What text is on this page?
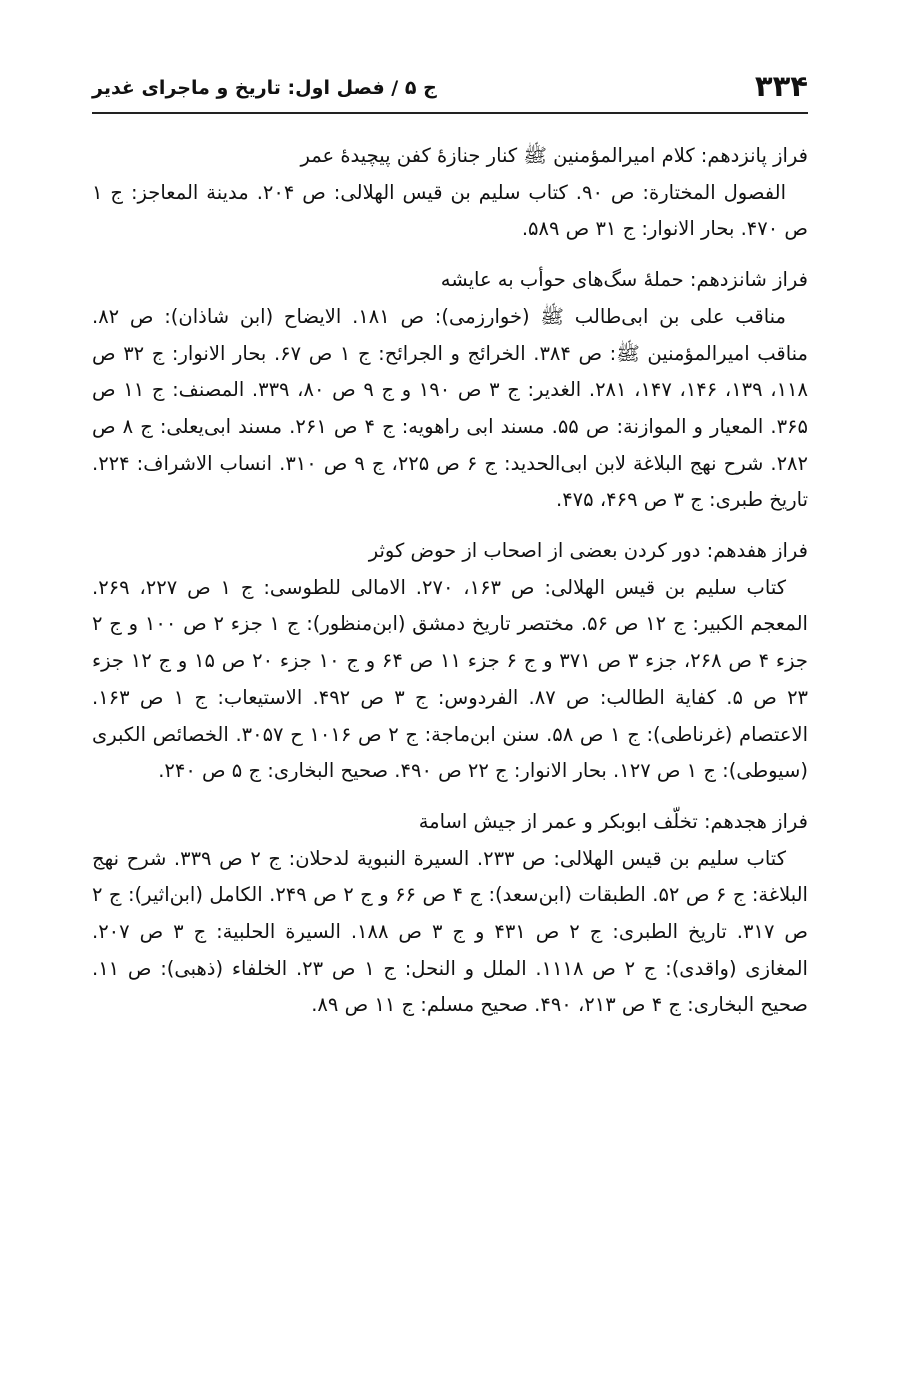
۳۳۴
ج ۵ / فصل اول: تاریخ و ماجرای غدیر

فراز پانزدهم: کلام امیرالمؤمنین ﷺ کنار جنازۀ کفن پیچیدۀ عمر

الفصول المختارة: ص ۹۰. کتاب سلیم بن قیس الهلالی: ص ۲۰۴. مدینة المعاجز: ج ۱ ص ۴۷۰. بحار الانوار: ج ۳۱ ص ۵۸۹.

فراز شانزدهم: حملۀ سگ‌های حوأب به عایشه

مناقب علی بن ابی‌طالب ﷺ (خوارزمی): ص ۱۸۱. الایضاح (ابن شاذان): ص ۸۲. مناقب امیرالمؤمنین ﷺ: ص ۳۸۴. الخرائج و الجرائح: ج ۱ ص ۶۷. بحار الانوار: ج ۳۲ ص ۱۱۸، ۱۳۹، ۱۴۶، ۱۴۷، ۲۸۱. الغدیر: ج ۳ ص ۱۹۰ و ج ۹ ص ۸۰، ۳۳۹. المصنف: ج ۱۱ ص ۳۶۵. المعیار و الموازنة: ص ۵۵. مسند ابی راهویه: ج ۴ ص ۲۶۱. مسند ابی‌یعلی: ج ۸ ص ۲۸۲. شرح نهج البلاغة لابن ابی‌الحدید: ج ۶ ص ۲۲۵، ج ۹ ص ۳۱۰. انساب الاشراف: ۲۲۴. تاریخ طبری: ج ۳ ص ۴۶۹، ۴۷۵.

فراز هفدهم: دور کردن بعضی از اصحاب از حوض کوثر

کتاب سلیم بن قیس الهلالی: ص ۱۶۳، ۲۷۰. الامالی للطوسی: ج ۱ ص ۲۲۷، ۲۶۹. المعجم الکبیر: ج ۱۲ ص ۵۶. مختصر تاریخ دمشق (ابن‌منظور): ج ۱ جزء ۲ ص ۱۰۰ و ج ۲ جزء ۴ ص ۲۶۸، جزء ۳ ص ۳۷۱ و ج ۶ جزء ۱۱ ص ۶۴ و ج ۱۰ جزء ۲۰ ص ۱۵ و ج ۱۲ جزء ۲۳ ص ۵. کفایة الطالب: ص ۸۷. الفردوس: ج ۳ ص ۴۹۲. الاستیعاب: ج ۱ ص ۱۶۳. الاعتصام (غرناطی): ج ۱ ص ۵۸. سنن ابن‌ماجة: ج ۲ ص ۱۰۱۶ ح ۳۰۵۷. الخصائص الکبری (سیوطی): ج ۱ ص ۱۲۷. بحار الانوار: ج ۲۲ ص ۴۹۰. صحیح البخاری: ج ۵ ص ۲۴۰.

فراز هجدهم: تخلّف ابوبکر و عمر از جیش اسامة

کتاب سلیم بن قیس الهلالی: ص ۲۳۳. السیرة النبویة لدحلان: ج ۲ ص ۳۳۹. شرح نهج البلاغة: ج ۶ ص ۵۲. الطبقات (ابن‌سعد): ج ۴ ص ۶۶ و ج ۲ ص ۲۴۹. الکامل (ابن‌اثیر): ج ۲ ص ۳۱۷. تاریخ الطبری: ج ۲ ص ۴۳۱ و ج ۳ ص ۱۸۸. السیرة الحلبیة: ج ۳ ص ۲۰۷. المغازی (واقدی): ج ۲ ص ۱۱۱۸. الملل و النحل: ج ۱ ص ۲۳. الخلفاء (ذهبی): ص ۱۱. صحیح البخاری: ج ۴ ص ۲۱۳، ۴۹۰. صحیح مسلم: ج ۱۱ ص ۸۹.
